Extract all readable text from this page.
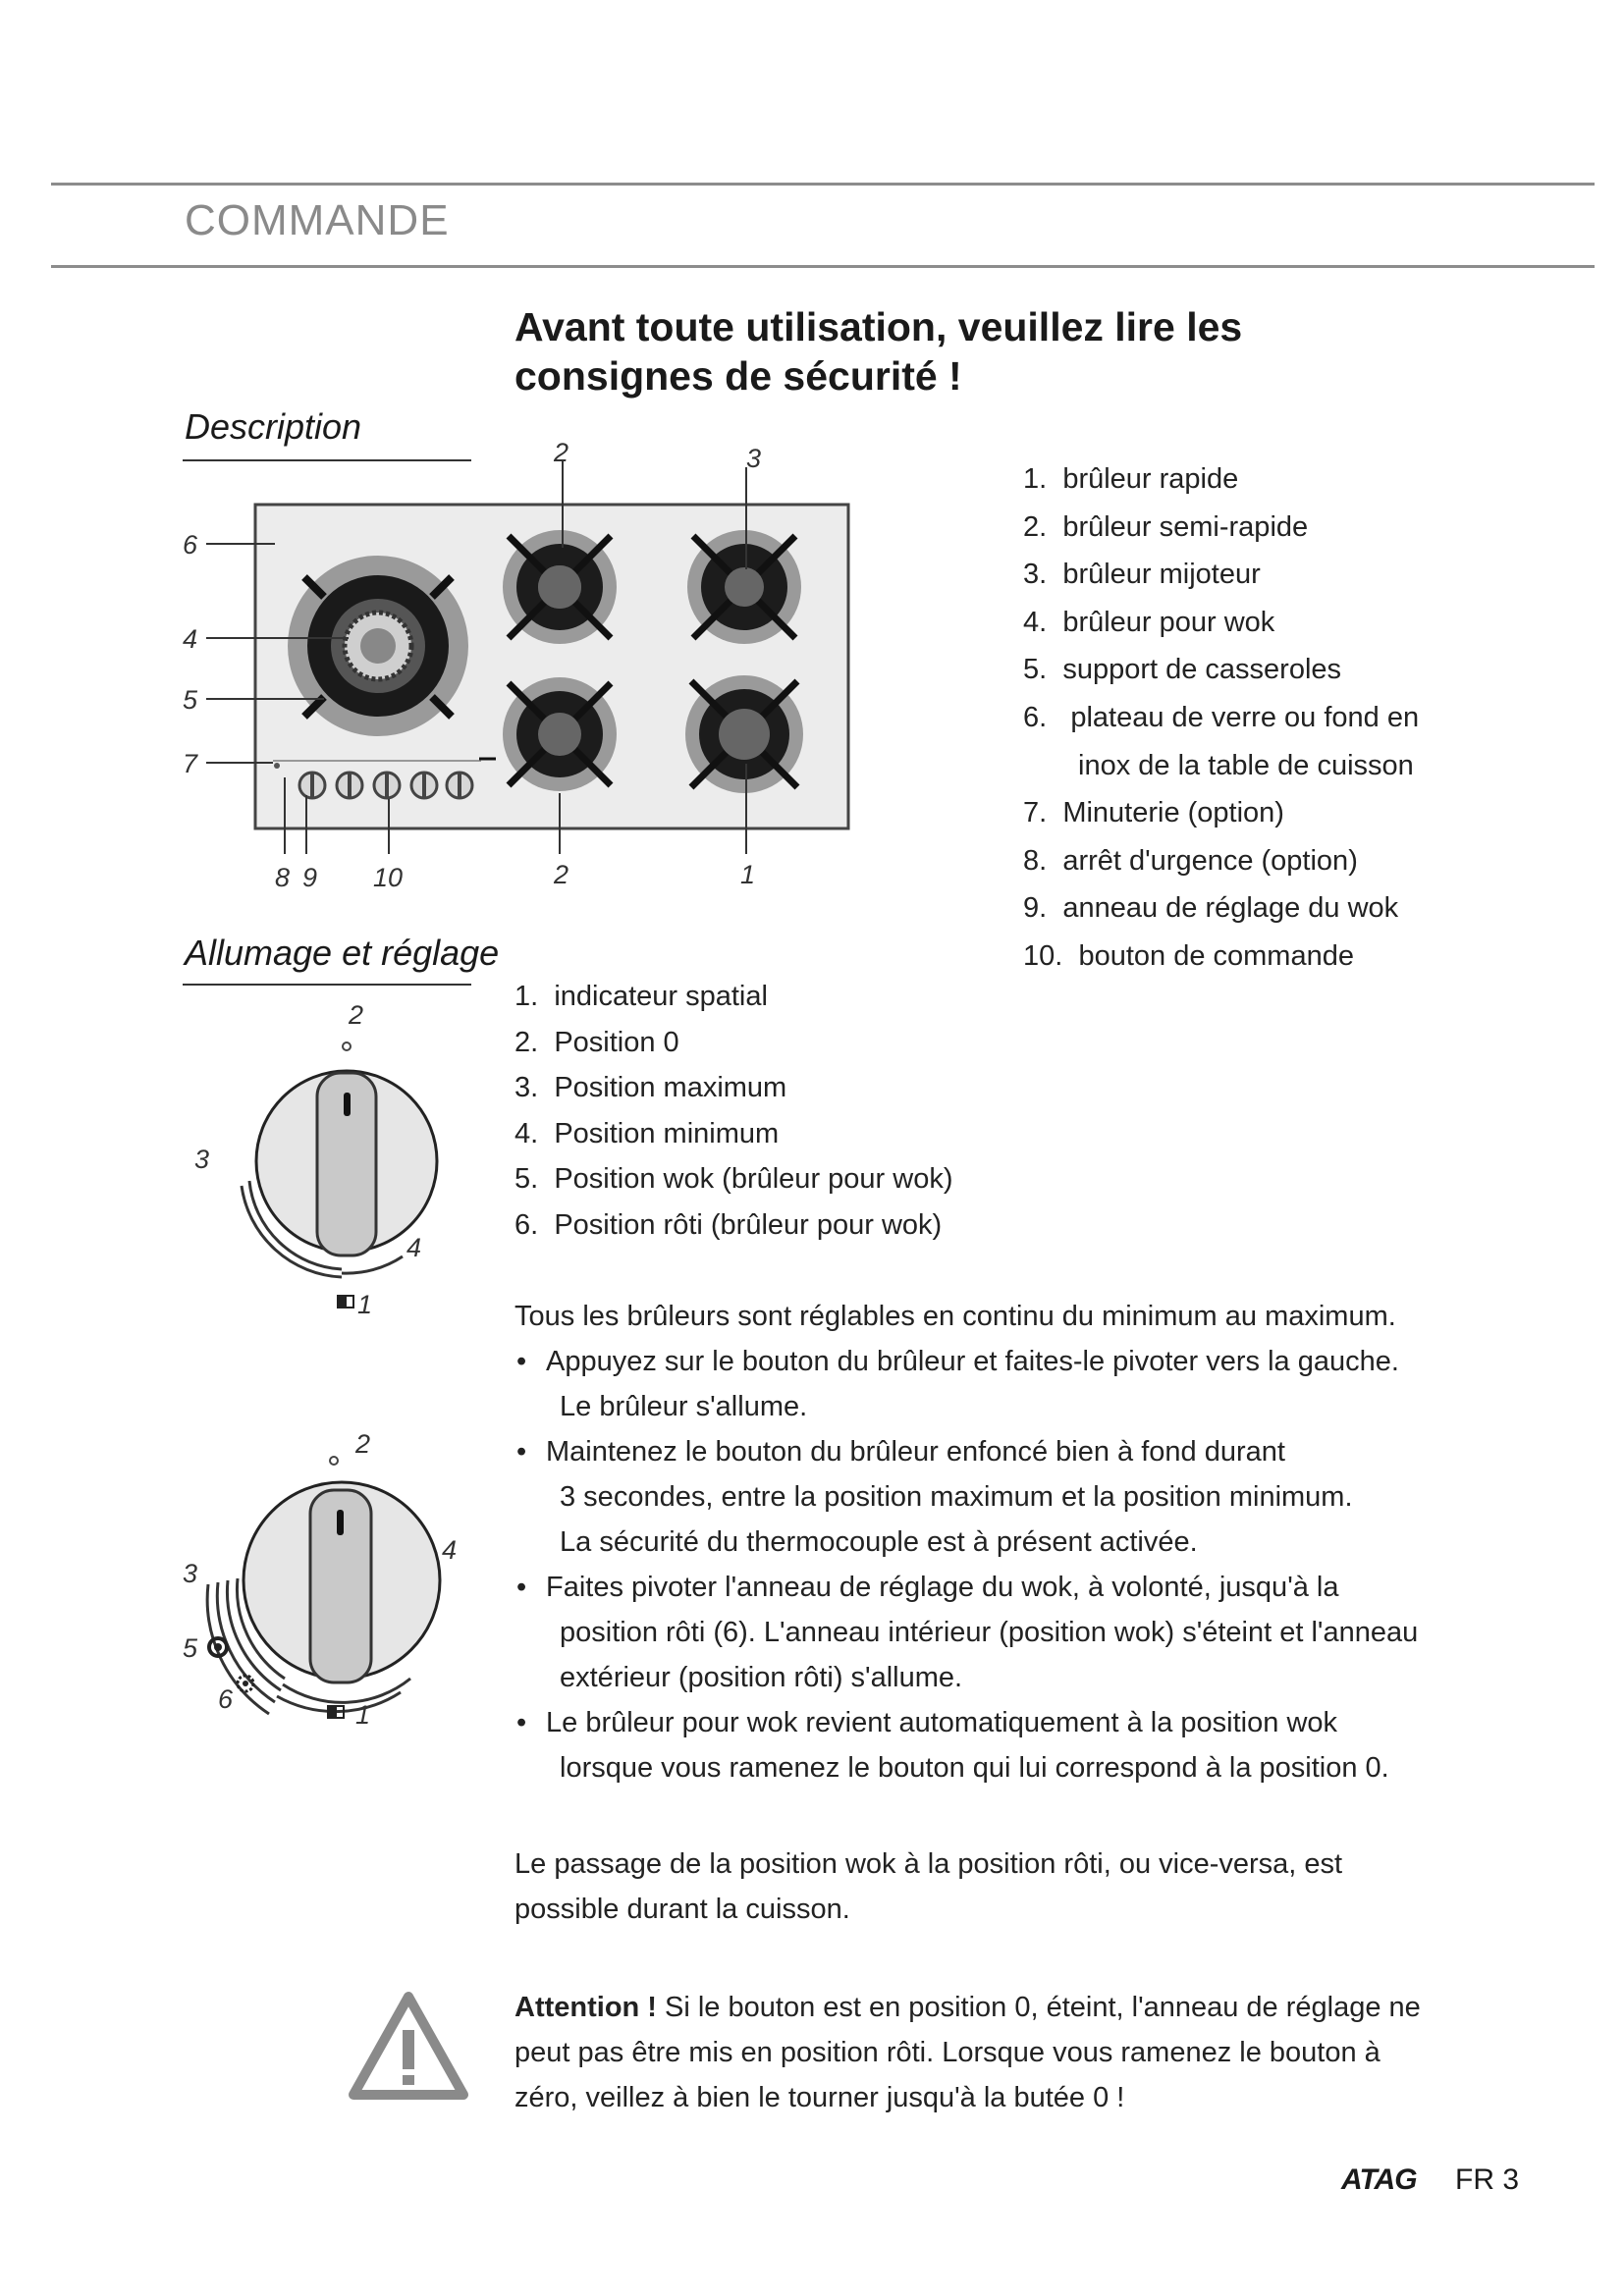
COMMANDE
Avant toute utilisation, veuillez lire les consignes de sécurité !
Description
2	3
6
4
5
7
8 9 10	2	1
1. brûleur rapide
2. brûleur semi-rapide
3. brûleur mijoteur
4. brûleur pour wok
5. support de casseroles
6. plateau de verre ou fond en
inox de la table de cuisson
7. Minuterie (option)
8. arrêt d'urgence (option)
9. anneau de réglage du wok
10. bouton de commande
Allumage et réglage
2
3
4
1
2
3
4
5
6
1
1. indicateur spatial
2. Position 0
3. Position maximum
4. Position minimum
5. Position wok (brûleur pour wok)
6. Position rôti (brûleur pour wok)
Tous les brûleurs sont réglables en continu du minimum au maximum.
• Appuyez sur le bouton du brûleur et faites-le pivoter vers la gauche.
Le brûleur s'allume.
• Maintenez le bouton du brûleur enfoncé bien à fond durant
3 secondes, entre la position maximum et la position minimum.
La sécurité du thermocouple est à présent activée.
• Faites pivoter l'anneau de réglage du wok, à volonté, jusqu'à la
position rôti (6). L'anneau intérieur (position wok) s'éteint et l'anneau
extérieur (position rôti) s'allume.
• Le brûleur pour wok revient automatiquement à la position wok
lorsque vous ramenez le bouton qui lui correspond à la position 0.
Le passage de la position wok à la position rôti, ou vice-versa, est
possible durant la cuisson.
Attention ! Si le bouton est en position 0, éteint, l'anneau de réglage ne
peut pas être mis en position rôti. Lorsque vous ramenez le bouton à
zéro, veillez à bien le tourner jusqu'à la butée 0 !
ATAG FR 3
